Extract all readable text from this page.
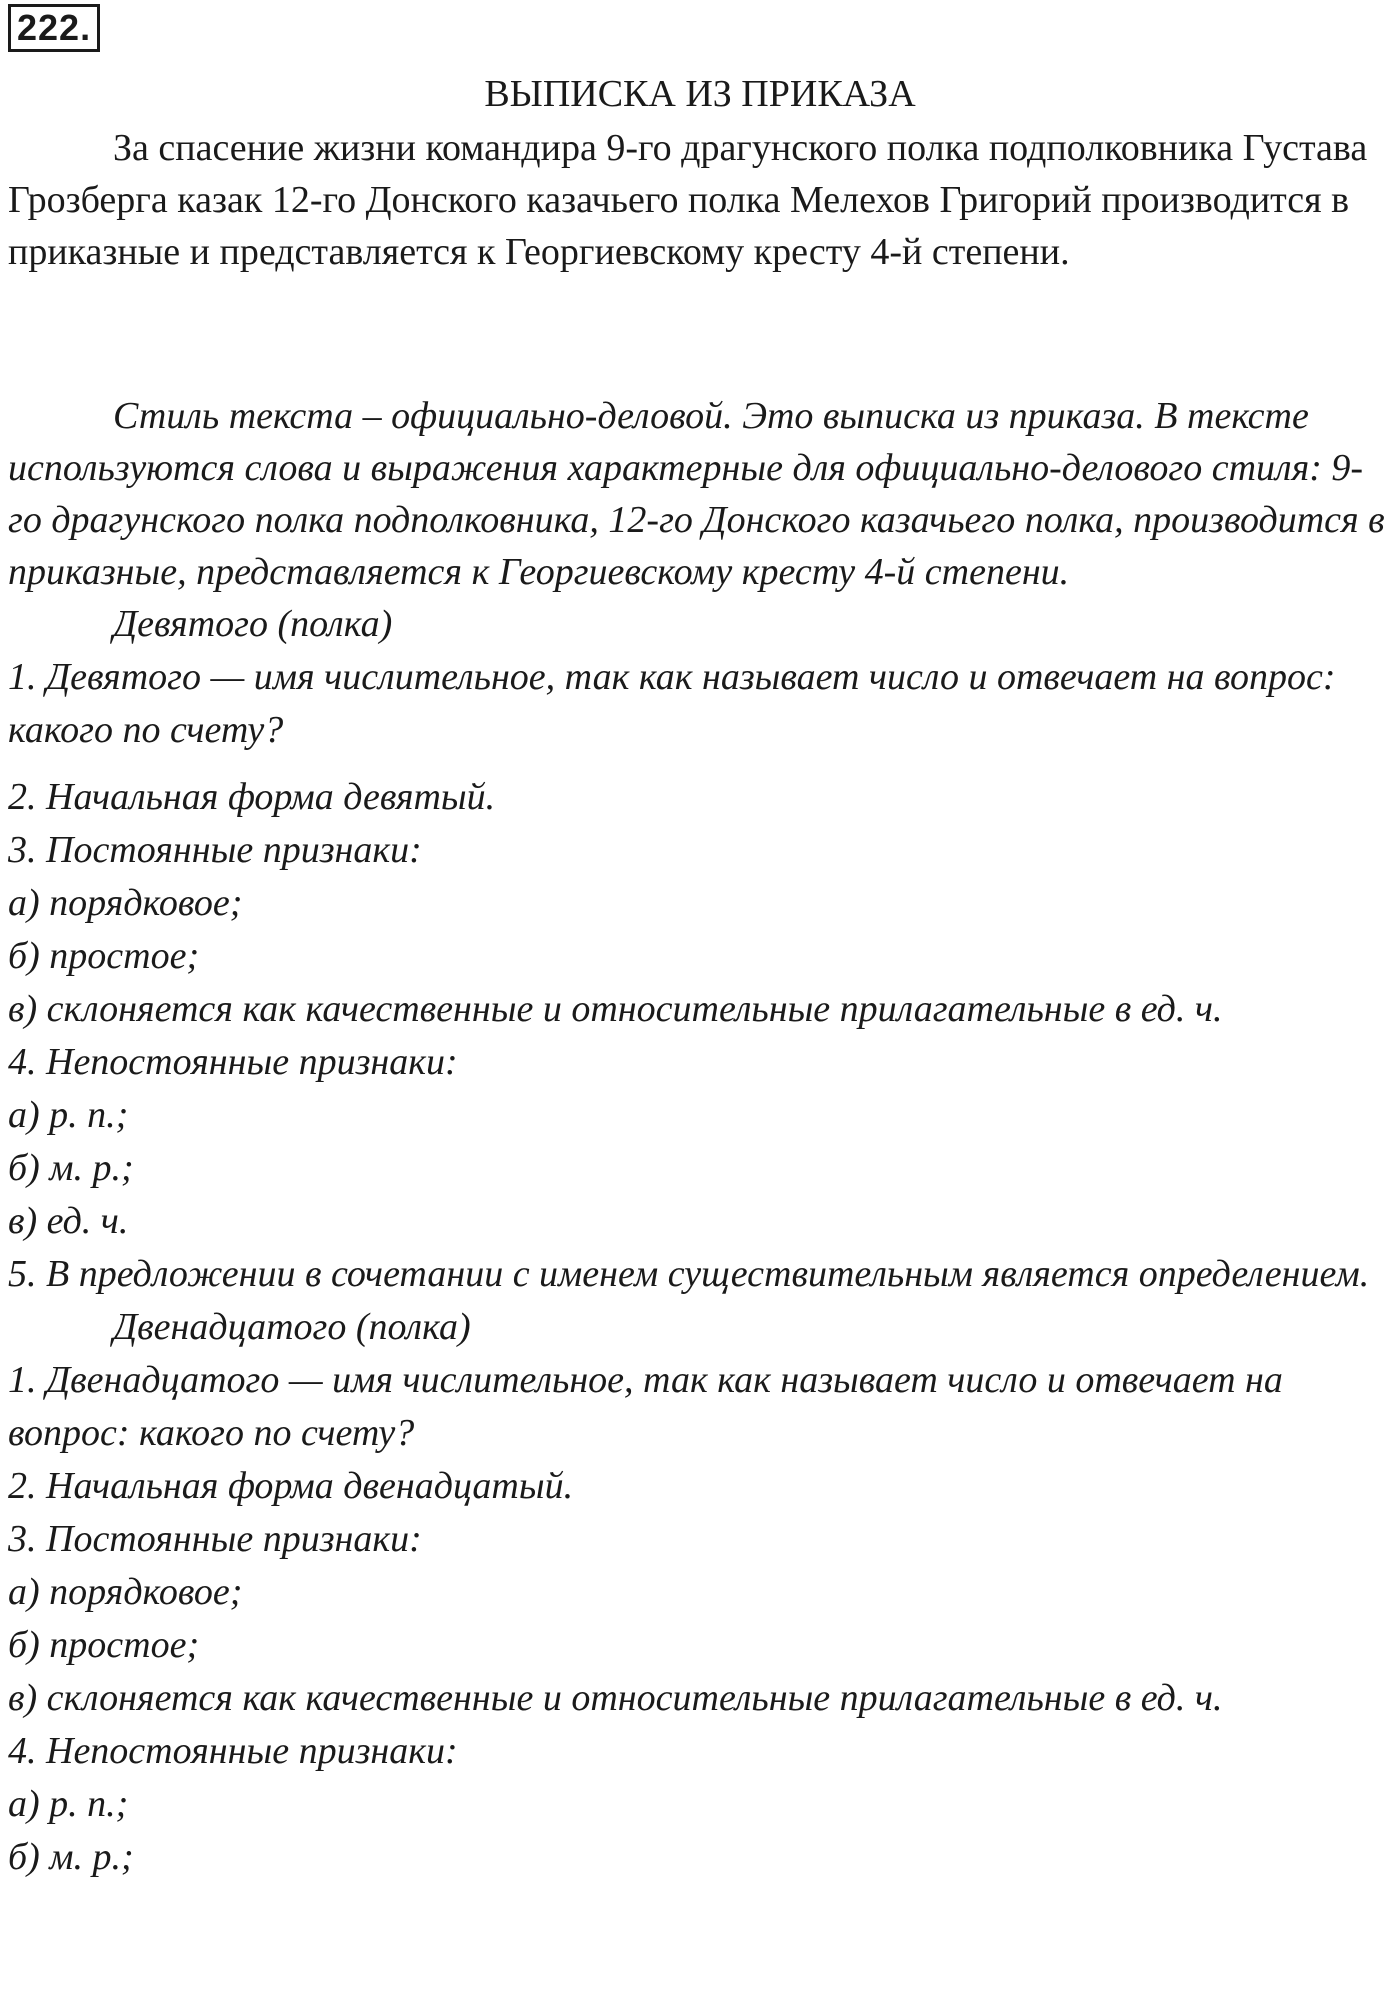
222.
ВЫПИСКА ИЗ ПРИКАЗА

За спасение жизни командира 9-го драгунского полка подполковника Густава Грозберга казак 12-го Донского казачьего полка Мелехов Григорий производится в приказные и представляется к Георгиевскому кресту 4-й степени.

Стиль текста – официально-деловой. Это выписка из приказа. В тексте используются слова и выражения характерные для официально-делового стиля: 9-го драгунского полка подполковника, 12-го Донского казачьего полка, производится в приказные, представляется к Георгиевскому кресту 4-й степени.

Девятого (полка)

1. Девятого — имя числительное, так как называет число и отвечает на вопрос: какого по счету?

2. Начальная форма девятый.

3. Постоянные признаки:

а) порядковое;

б) простое;

в) склоняется как качественные и относительные прилагательные в ед. ч.

4. Непостоянные признаки:

а) р. п.;

б) м. р.;

в) ед. ч.

5. В предложении в сочетании с именем существительным является определением.

Двенадцатого (полка)

1. Двенадцатого — имя числительное, так как называет число и отвечает на вопрос: какого по счету?

2. Начальная форма двенадцатый.

3. Постоянные признаки:

а) порядковое;

б) простое;

в) склоняется как качественные и относительные прилагательные в ед. ч.

4. Непостоянные признаки:

а) р. п.;

б) м. р.;
